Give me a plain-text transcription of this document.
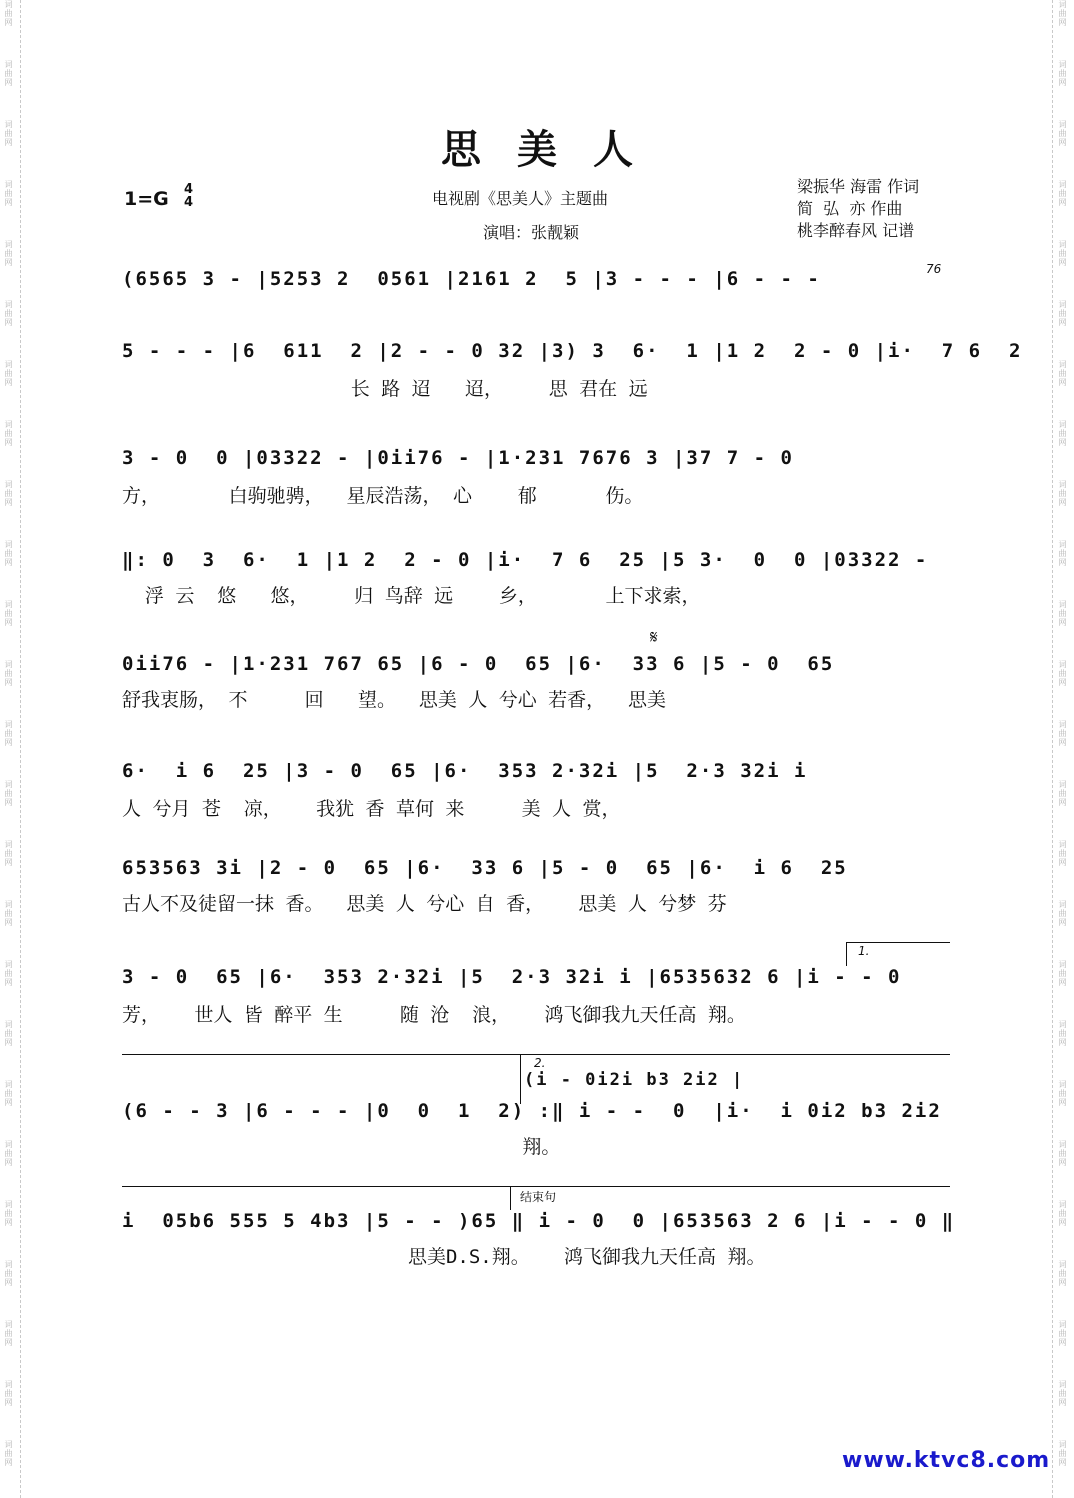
词曲网
词曲网
词曲网
词曲网
词曲网
词曲网
词曲网
词曲网
词曲网
词曲网
词曲网
词曲网
词曲网
词曲网
词曲网
词曲网
词曲网
词曲网
词曲网
词曲网
词曲网
词曲网
词曲网
词曲网
词曲网
词曲网
词曲网
词曲网
词曲网
词曲网
词曲网
词曲网
词曲网
词曲网
词曲网
词曲网
词曲网
词曲网
词曲网
词曲网
词曲网
词曲网
词曲网
词曲网
词曲网
词曲网
词曲网
词曲网
词曲网
词曲网
思美人
1=G 4
4	电视剧《思美人》主题曲
演唱：张靓颖
梁振华 海雷 作词
简  弘  亦 作曲
桃李醉春风 记谱
(6565 3 - |5253 2  0561 |2161 2  5 |3 - - - |6 - - -	76
5 - - - |6  611  2 |2 - - 0 32 |3) 3  6·  1 |1 2  2 - 0 |i·  7 6  2
长 路 迢   迢，    思 君在 远
3 - 0  0 |03322 - |0ii76 - |1·231 7676 3 |37 7 - 0
方，      白驹驰骋，  星辰浩荡， 心    郁      伤。
‖: 0  3  6·  1 |1 2  2 - 0 |i·  7 6  25 |5 3·  0  0 |03322 -
浮 云  悠   悠，    归 鸟辞 远    乡，      上下求索，
𝄋
0ii76 - |1·231 767 65 |6 - 0  65 |6·  33 6 |5 - 0  65
舒我衷肠， 不     回   望。  思美 人 兮心 若香，  思美
6·  i 6  25 |3 - 0  65 |6·  353 2·32i |5  2·3 32i i
人 兮月 苍  凉，   我犹 香 草何 来     美 人 赏，
653563 3i |2 - 0  65 |6·  33 6 |5 - 0  65 |6·  i 6  25
古人不及徒留一抹 香。  思美 人 兮心 自 香，   思美 人 兮梦 芬
1.
3 - 0  65 |6·  353 2·32i |5  2·3 32i i |6535632 6 |i - - 0
芳，   世人 皆 醉平 生     随 沧  浪，   鸿飞御我九天任高 翔。
2.
(i - 0i2i b3 2i2 |
(6 - - 3 |6 - - - |0  0  1  2) :‖ i - -  0  |i·  i 0i2 b3 2i2
翔。
结束句
i  05b6 555 5 4b3 |5 - - )65 ‖ i - 0  0 |653563 2 6 |i - - 0 ‖
思美D.S.翔。   鸿飞御我九天任高 翔。
www.ktvc8.com
